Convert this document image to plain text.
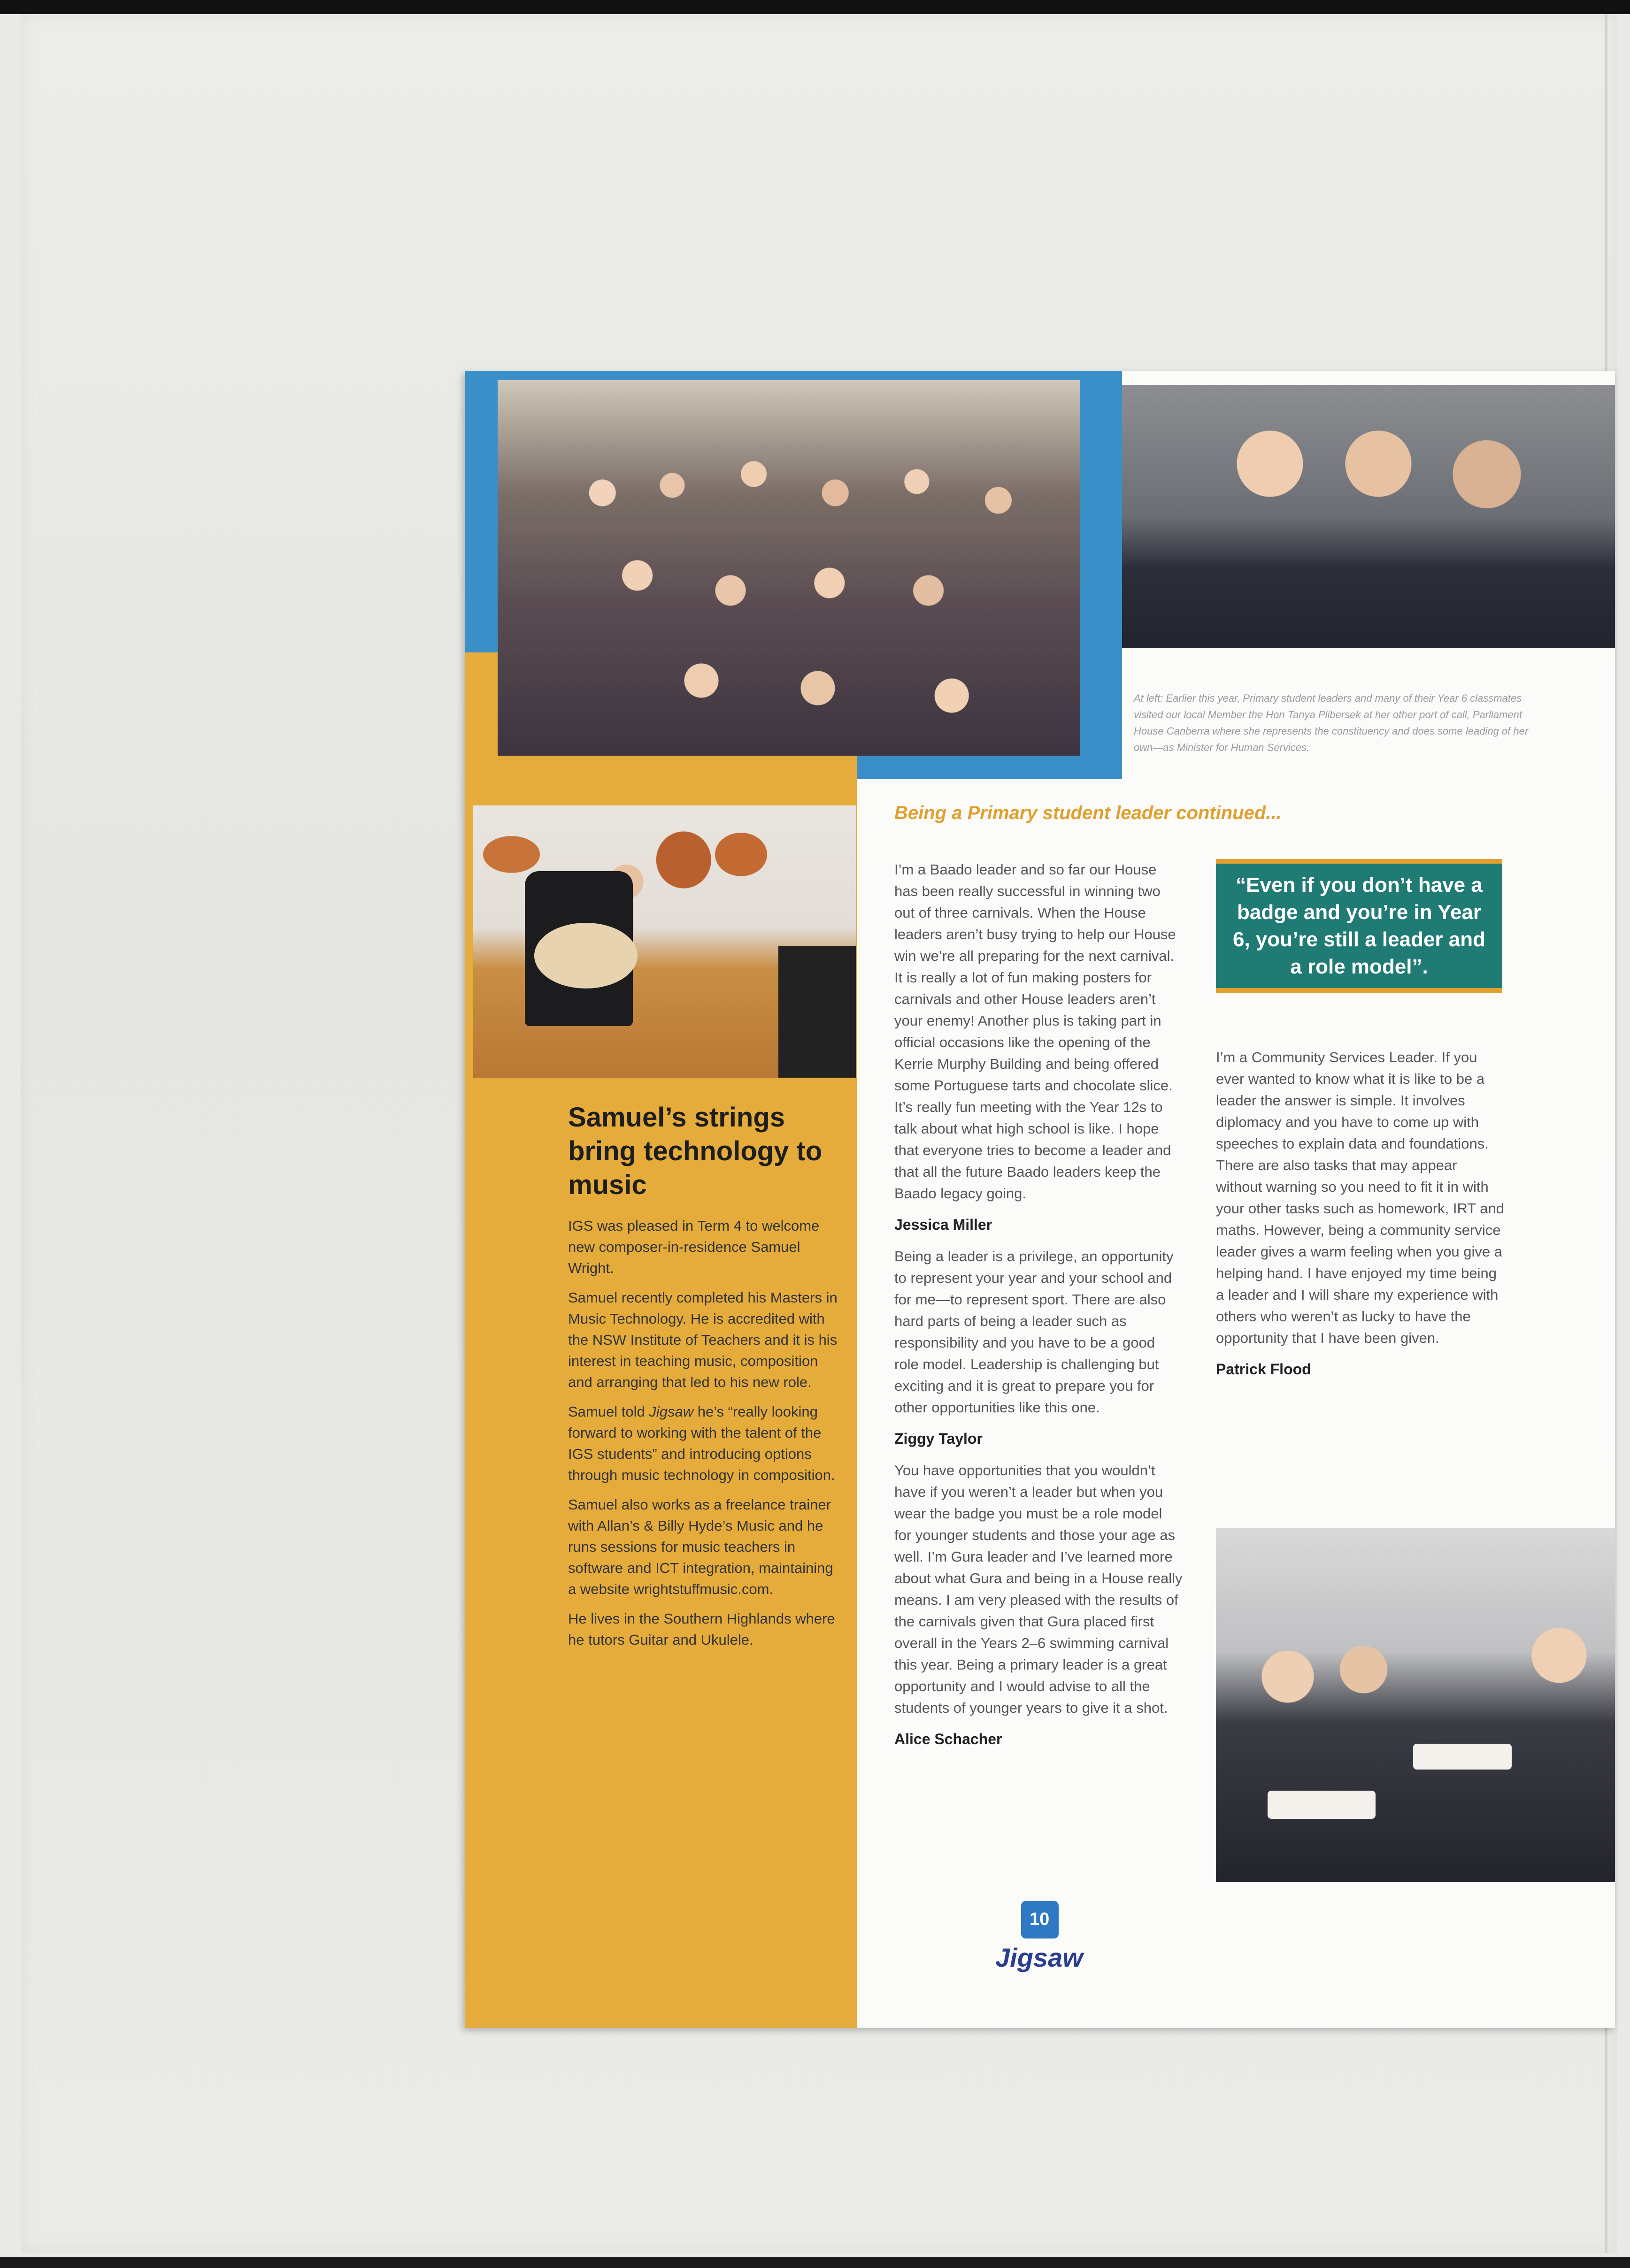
At left: Earlier this year, Primary student leaders and many of their Year 6 classmates visited our local Member the Hon Tanya Plibersek at her other port of call, Parliament House Canberra where she represents the constituency and does some leading of her own—as Minister for Human Services.
Samuel’s strings bring technology to music

IGS was pleased in Term 4 to welcome new composer-in-residence Samuel Wright.

Samuel recently completed his Masters in Music Technology. He is accredited with the NSW Institute of Teachers and it is his interest in teaching music, composition and arranging that led to his new role.

Samuel told Jigsaw he’s “really looking forward to working with the talent of the IGS students” and introducing options through music technology in composition.

Samuel also works as a freelance trainer with Allan’s & Billy Hyde’s Music and he runs sessions for music teachers in software and ICT integration, maintaining a website wrightstuffmusic.com.

He lives in the Southern Highlands where he tutors Guitar and Ukulele.

Being a Primary student leader continued...

I’m a Baado leader and so far our House has been really successful in winning two out of three carnivals. When the House leaders aren’t busy trying to help our House win we’re all preparing for the next carnival. It is really a lot of fun making posters for carnivals and other House leaders aren’t your enemy! Another plus is taking part in official occasions like the opening of the Kerrie Murphy Building and being offered some Portuguese tarts and chocolate slice. It’s really fun meeting with the Year 12s to talk about what high school is like. I hope that everyone tries to become a leader and that all the future Baado leaders keep the Baado legacy going.

Jessica Miller

Being a leader is a privilege, an opportunity to represent your year and your school and for me—to represent sport. There are also hard parts of being a leader such as responsibility and you have to be a good role model. Leadership is challenging but exciting and it is great to prepare you for other opportunities like this one.

Ziggy Taylor

You have opportunities that you wouldn’t have if you weren’t a leader but when you wear the badge you must be a role model for younger students and those your age as well. I’m Gura leader and I’ve learned more about what Gura and being in a House really means. I am very pleased with the results of the carnivals given that Gura placed first overall in the Years 2–6 swimming carnival this year. Being a primary leader is a great opportunity and I would advise to all the students of younger years to give it a shot.

Alice Schacher
“Even if you don’t have a badge and you’re in Year 6, you’re still a leader and a role model”.

I’m a Community Services Leader. If you ever wanted to know what it is like to be a leader the answer is simple. It involves diplomacy and you have to come up with speeches to explain data and foundations. There are also tasks that may appear without warning so you need to fit it in with your other tasks such as homework, IRT and maths. However, being a community service leader gives a warm feeling when you give a helping hand. I have enjoyed my time being a leader and I will share my experience with others who weren’t as lucky to have the opportunity that I have been given.

Patrick Flood
10
Jigsaw
